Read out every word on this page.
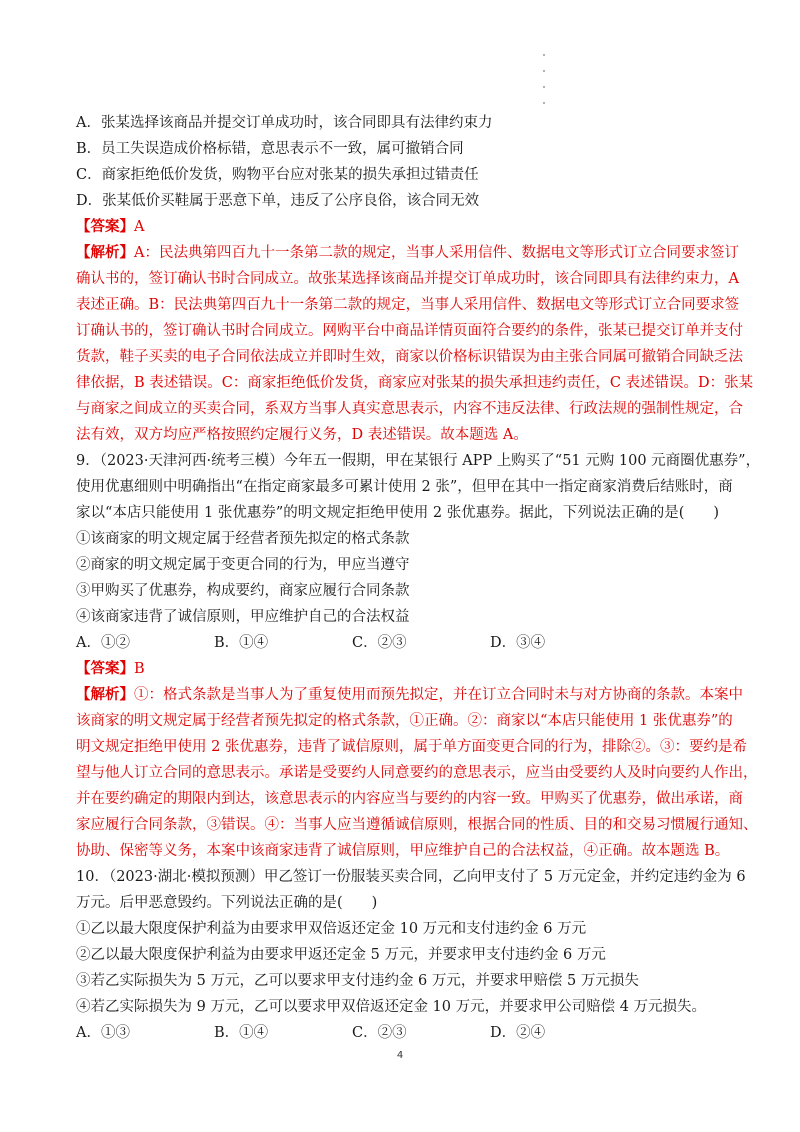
A．张某选择该商品并提交订单成功时，该合同即具有法律约束力
B．员工失误造成价格标错，意思表示不一致，属可撤销合同
C．商家拒绝低价发货，购物平台应对张某的损失承担过错责任
D．张某低价买鞋属于恶意下单，违反了公序良俗，该合同无效
【答案】A
【解析】A：民法典第四百九十一条第二款的规定，当事人采用信件、数据电文等形式订立合同要求签订
确认书的，签订确认书时合同成立。故张某选择该商品并提交订单成功时，该合同即具有法律约束力，A
表述正确。B：民法典第四百九十一条第二款的规定，当事人采用信件、数据电文等形式订立合同要求签
订确认书的，签订确认书时合同成立。网购平台中商品详情页面符合要约的条件，张某已提交订单并支付
货款，鞋子买卖的电子合同依法成立并即时生效，商家以价格标识错误为由主张合同属可撤销合同缺乏法
律依据，B 表述错误。C：商家拒绝低价发货，商家应对张某的损失承担违约责任，C 表述错误。D：张某
与商家之间成立的买卖合同，系双方当事人真实意思表示，内容不违反法律、行政法规的强制性规定，合
法有效，双方均应严格按照约定履行义务，D 表述错误。故本题选 A。
9．（2023·天津河西·统考三模）今年五一假期，甲在某银行 APP 上购买了“51 元购 100 元商圈优惠券”，
使用优惠细则中明确指出“在指定商家最多可累计使用 2 张”，但甲在其中一指定商家消费后结账时，商
家以“本店只能使用 1 张优惠券”的明文规定拒绝甲使用 2 张优惠券。据此，下列说法正确的是(　　)
①该商家的明文规定属于经营者预先拟定的格式条款
②商家的明文规定属于变更合同的行为，甲应当遵守
③甲购买了优惠券，构成要约，商家应履行合同条款
④该商家违背了诚信原则，甲应维护自己的合法权益
A．①②	B．①④	C．②③	D．③④
【答案】B
【解析】①：格式条款是当事人为了重复使用而预先拟定，并在订立合同时未与对方协商的条款。本案中
该商家的明文规定属于经营者预先拟定的格式条款，①正确。②：商家以“本店只能使用 1 张优惠券”的
明文规定拒绝甲使用 2 张优惠券，违背了诚信原则，属于单方面变更合同的行为，排除②。③：要约是希
望与他人订立合同的意思表示。承诺是受要约人同意要约的意思表示，应当由受要约人及时向要约人作出，
并在要约确定的期限内到达，该意思表示的内容应当与要约的内容一致。甲购买了优惠券，做出承诺，商
家应履行合同条款，③错误。④：当事人应当遵循诚信原则，根据合同的性质、目的和交易习惯履行通知、
协助、保密等义务，本案中该商家违背了诚信原则，甲应维护自己的合法权益，④正确。故本题选 B。
10．（2023·湖北·模拟预测）甲乙签订一份服装买卖合同，乙向甲支付了 5 万元定金，并约定违约金为 6
万元。后甲恶意毁约。下列说法正确的是(　　)
①乙以最大限度保护利益为由要求甲双倍返还定金 10 万元和支付违约金 6 万元
②乙以最大限度保护利益为由要求甲返还定金 5 万元，并要求甲支付违约金 6 万元
③若乙实际损失为 5 万元，乙可以要求甲支付违约金 6 万元，并要求甲赔偿 5 万元损失
④若乙实际损失为 9 万元，乙可以要求甲双倍返还定金 10 万元，并要求甲公司赔偿 4 万元损失。
A．①③	B．①④	C．②③	D．②④
4
